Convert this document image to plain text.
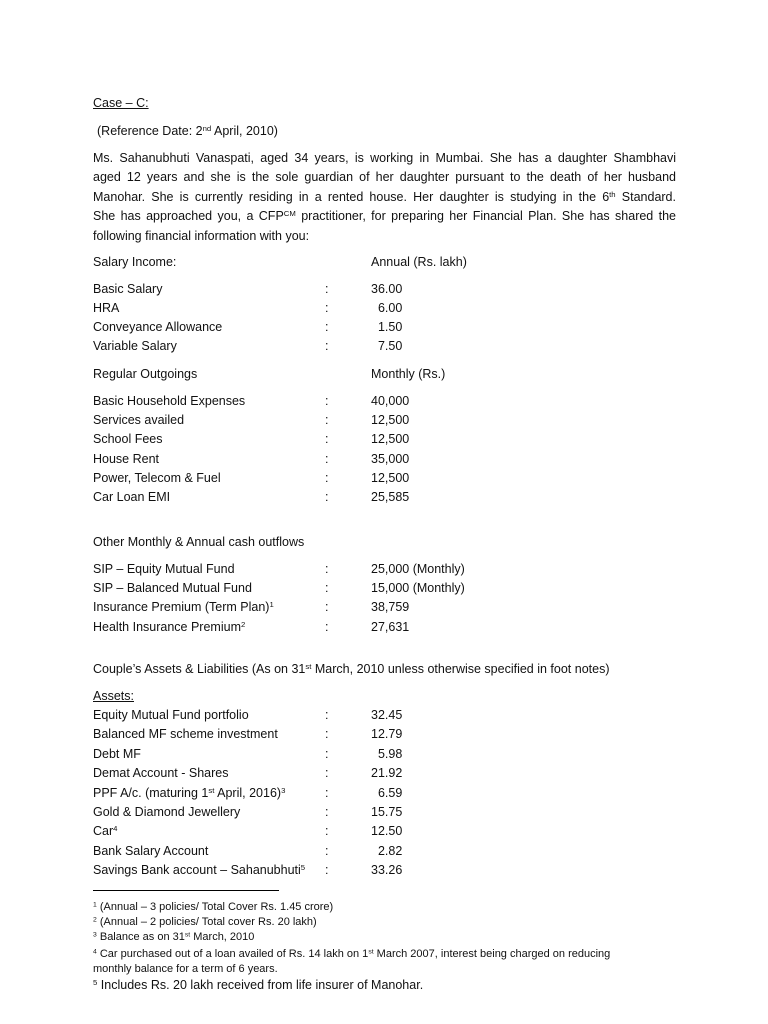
Case – C:
(Reference Date: 2nd April, 2010)
Ms. Sahanubhuti Vanaspati, aged 34 years, is working in Mumbai. She has a daughter Shambhavi
aged 12 years and she is the sole guardian of her daughter pursuant to the death of her husband
Manohar. She is currently residing in a rented house. Her daughter is studying in the 6th Standard.
She has approached you, a $CFP^{CM}$ practitioner, for preparing her Financial Plan. She has shared the
following financial information with you:
Salary Income:	Annual (Rs. lakh)
Basic Salary	:	36.00
HRA	:	6.00
Conveyance Allowance	:	1.50
Variable Salary	:	7.50
Regular Outgoings	Monthly (Rs.)
Basic Household Expenses	:	40,000
Services availed	:	12,500
School Fees	:	12,500
House Rent	:	35,000
Power, Telecom & Fuel	:	12,500
Car Loan EMI	:	25,585
Other Monthly & Annual cash outflows
SIP – Equity Mutual Fund	:	25,000 (Monthly)
SIP – Balanced Mutual Fund	:	15,000 (Monthly)
Insurance Premium (Term Plan)$^1$	:	38,759
Health Insurance Premium$^2$	:	27,631
Couple’s Assets & Liabilities (As on 31st March, 2010 unless otherwise specified in foot notes)
Assets:
Equity Mutual Fund portfolio	:	32.45
Balanced MF scheme investment	:	12.79
Debt MF	:	5.98
Demat Account - Shares	:	21.92
PPF A/c. (maturing 1st April, 2016)$^3$	:	6.59
Gold & Diamond Jewellery	:	15.75
Car$^4$	:	12.50
Bank Salary Account	:	2.82
Savings Bank account – Sahanubhuti$^5$ :	33.26
$^1$ (Annual – 3 policies/ Total Cover Rs. 1.45 crore)
$^2$ (Annual – 2 policies/ Total cover Rs. 20 lakh)
$^3$ Balance as on 31st March, 2010
$^4$ Car purchased out of a loan availed of Rs. 14 lakh on 1st March 2007, interest being charged on reducing
monthly balance for a term of 6 years.
$^5$ Includes Rs. 20 lakh received from life insurer of Manohar.
